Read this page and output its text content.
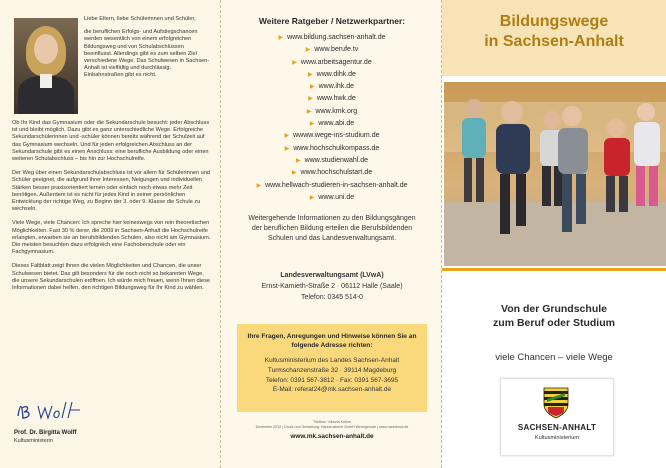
Liebe Eltern, liebe Schülerinnen und Schüler,

die beruflichen Erfolgs- und Aufstiegschancen werden wesentlich von einem erfolgreichen Bildungsweg und von Schulabschlüssen beeinflusst. Allerdings gibt es zum selben Ziel verschiedene Wege. Das Schulwesen in Sachsen-Anhalt ist vielfältig und durchlässig. Einbahnstraßen gibt es nicht.

Ob Ihr Kind das Gymnasium oder die Sekundarschule besucht: jeder Abschluss ist und bleibt möglich. Dazu gibt es ganz unterschiedliche Wege. Erfolgreiche Sekundarschülerinnen und -schüler können bereits während der Schulzeit auf das Gymnasium wechseln. Und für jeden erfolgreichen Abschluss an der Sekundarschule gibt es einen Anschluss: eine berufliche Ausbildung oder einen weiteren Schulabschluss – bis hin zur Hochschulreife.

Der Weg über einen Sekundarschulabschluss ist vor allem für Schülerinnen und Schüler geeignet, die aufgrund ihrer Interessen, Neigungen und individuellen Stärken besser praxisorientiert lernen oder einfach noch etwas mehr Zeit benötigen. Außerdem ist es nicht für jedes Kind in seiner persönlichen Entwicklung der richtige Weg, zu Beginn der 3. oder 9. Klasse die Schule zu wechseln.

Viele Wege, viele Chancen: Ich spreche hier keineswegs von rein theoretischen Möglichkeiten. Fast 30 % derer, die 2009 in Sachsen-Anhalt die Hochschulreife erlangten, erwarben sie an berufsbildenden Schulen, also nicht am Gymnasium. Die meisten besuchten dazu erfolgreich eine Fachoberschule oder ein Fachgymnasium.

Dieses Faltblatt zeigt Ihnen die vielen Möglichkeiten und Chancen, die unser Schulwesen bietet. Das gilt besonders für die noch nicht so bekannten Wege, die unsere Sekundarschulen eröffnen. Ich würde mich freuen, wenn Ihnen diese Informationen dabei helfen, den richtigen Bildungsweg für Ihr Kind zu wählen.

Prof. Dr. Birgitta Wolff
Kultusministerin
Weitere Ratgeber / Netzwerkpartner:
▶ www.bildung.sachsen-anhalt.de
▶ www.berufe.tv
▶ www.arbeitsagentur.de
▶ www.dihk.de
▶ www.ihk.de
▶ www.hwk.de
▶ www.kmk.org
▶ www.abi.de
▶ wwww.wege-ins-studium.de
▶ www.hochschulkompass.de
▶ www.studienwahl.de
▶ www.hochschulstart.de
▶ www.hellwach-studieren-in-sachsen-anhalt.de
▶ www.uni.de
Weitergehende Informationen zu den Bildungsgängen der beruflichen Bildung erteilen die Berufsbildenden Schulen und das Landesverwaltungsamt.
Landesverwaltungsamt (LVwA)
Ernst-Kamieth-Straße 2 · 06112 Halle (Saale)
Telefon: 0345 514-0
Ihre Fragen, Anregungen und Hinweise können Sie an folgende Adresse richten:
Kultusministerium des Landes Sachsen-Anhalt
Turmschanzenstraße 32 · 39114 Magdeburg
Telefon: 0391 567-3812 · Fax: 0391 567-3695
E-Mail: referat24@mk.sachsen-anhalt.de
Titelfoto: Viktoria Kühne
Dezember 2012 | Druck und Gestaltung: Harzdruckerei GmbH Wernigerode | www.harzdruck.de
www.mk.sachsen-anhalt.de
Bildungswege
in Sachsen-Anhalt
Von der Grundschule
zum Beruf oder Studium
viele Chancen – viele Wege
SACHSEN-ANHALT
Kultusministerium
